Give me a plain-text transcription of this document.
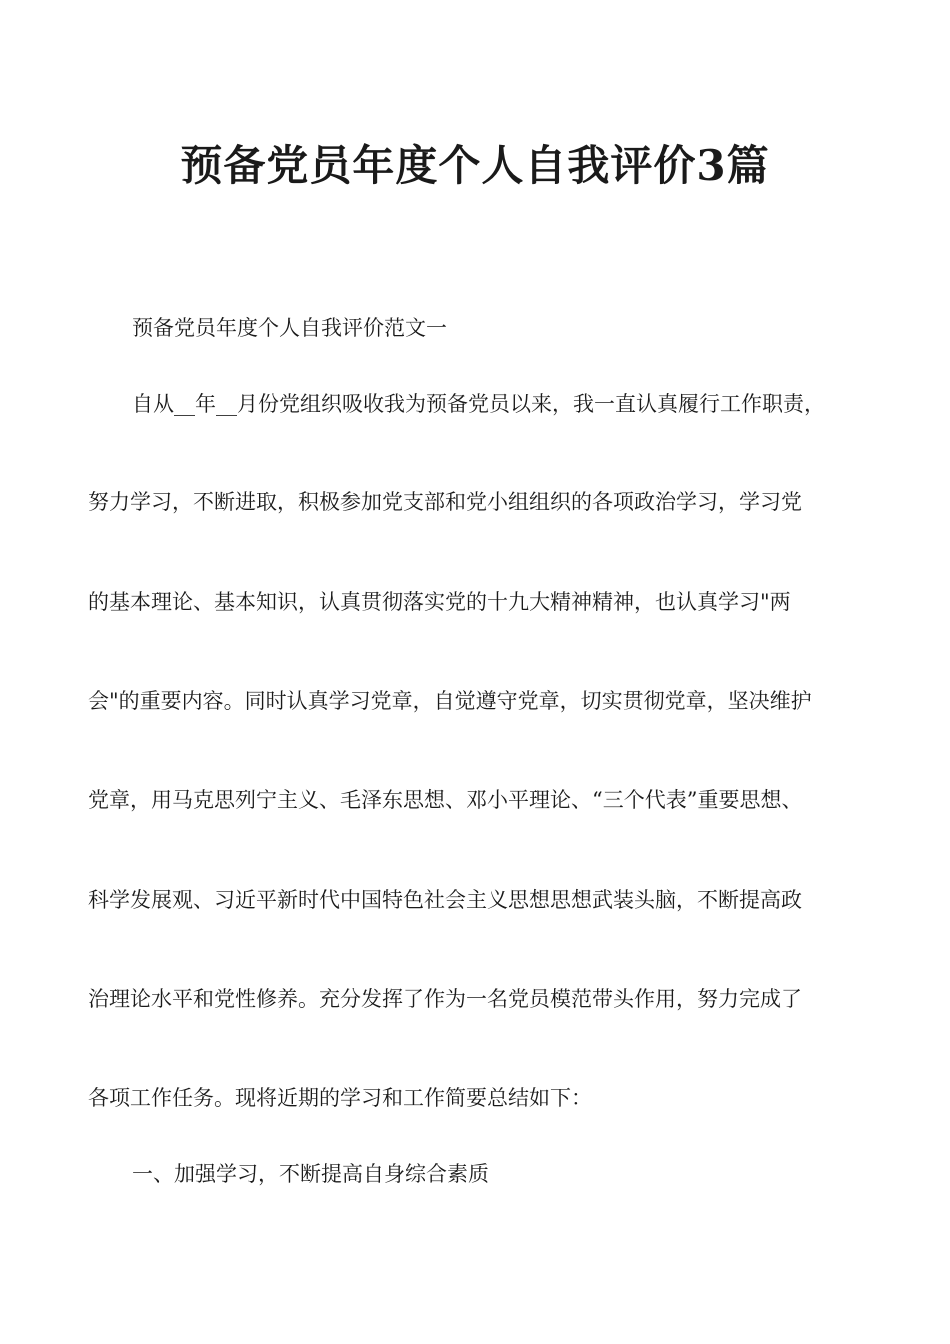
预备党员年度个人自我评价3篇

预备党员年度个人自我评价范文一

自从__年__月份党组织吸收我为预备党员以来，我一直认真履行工作职责，

努力学习，不断进取，积极参加党支部和党小组组织的各项政治学习，学习党

的基本理论、基本知识，认真贯彻落实党的十九大精神精神，也认真学习"两

会"的重要内容。同时认真学习党章，自觉遵守党章，切实贯彻党章，坚决维护

党章，用马克思列宁主义、毛泽东思想、邓小平理论、“三个代表”重要思想、

科学发展观、习近平新时代中国特色社会主义思想思想武装头脑，不断提高政

治理论水平和党性修养。充分发挥了作为一名党员模范带头作用，努力完成了

各项工作任务。现将近期的学习和工作简要总结如下：

一、加强学习，不断提高自身综合素质
